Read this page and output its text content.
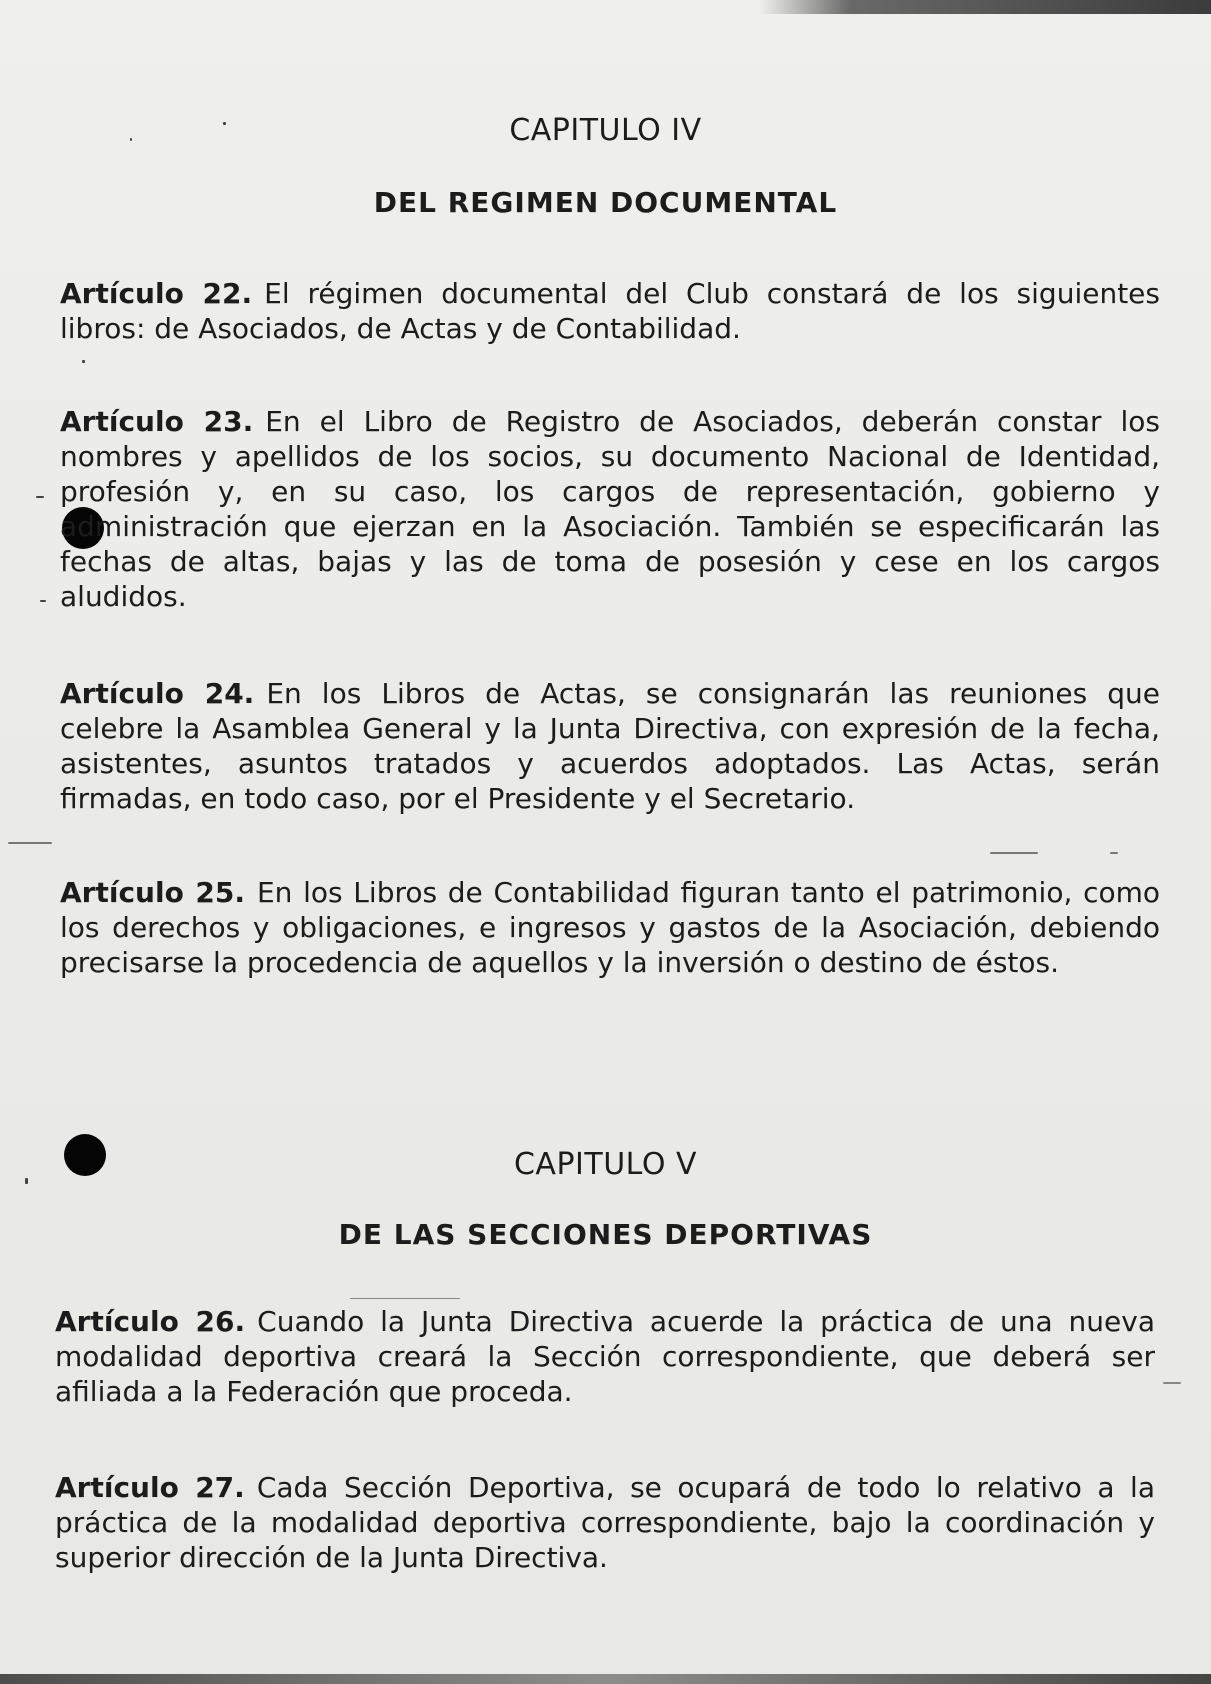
CAPITULO IV
DEL REGIMEN DOCUMENTAL

Artículo 22. El régimen documental del Club constará de los siguientes libros: de Asociados, de Actas y de Contabilidad.

Artículo 23. En el Libro de Registro de Asociados, deberán constar los nombres y apellidos de los socios, su documento Nacional de Identidad, profesión y, en su caso, los cargos de representación, gobierno y administración que ejerzan en la Asociación. También se especificarán las fechas de altas, bajas y las de toma de posesión y cese en los cargos aludidos.

Artículo 24. En los Libros de Actas, se consignarán las reuniones que celebre la Asamblea General y la Junta Directiva, con expresión de la fecha, asistentes, asuntos tratados y acuerdos adoptados. Las Actas, serán firmadas, en todo caso, por el Presidente y el Secretario.

Artículo 25. En los Libros de Contabilidad figuran tanto el patrimonio, como los derechos y obligaciones, e ingresos y gastos de la Asociación, debiendo precisarse la procedencia de aquellos y la inversión o destino de éstos.

CAPITULO V
DE LAS SECCIONES DEPORTIVAS

Artículo 26. Cuando la Junta Directiva acuerde la práctica de una nueva modalidad deportiva creará la Sección correspondiente, que deberá ser afiliada a la Federación que proceda.

Artículo 27. Cada Sección Deportiva, se ocupará de todo lo relativo a la práctica de la modalidad deportiva correspondiente, bajo la coordinación y superior dirección de la Junta Directiva.
